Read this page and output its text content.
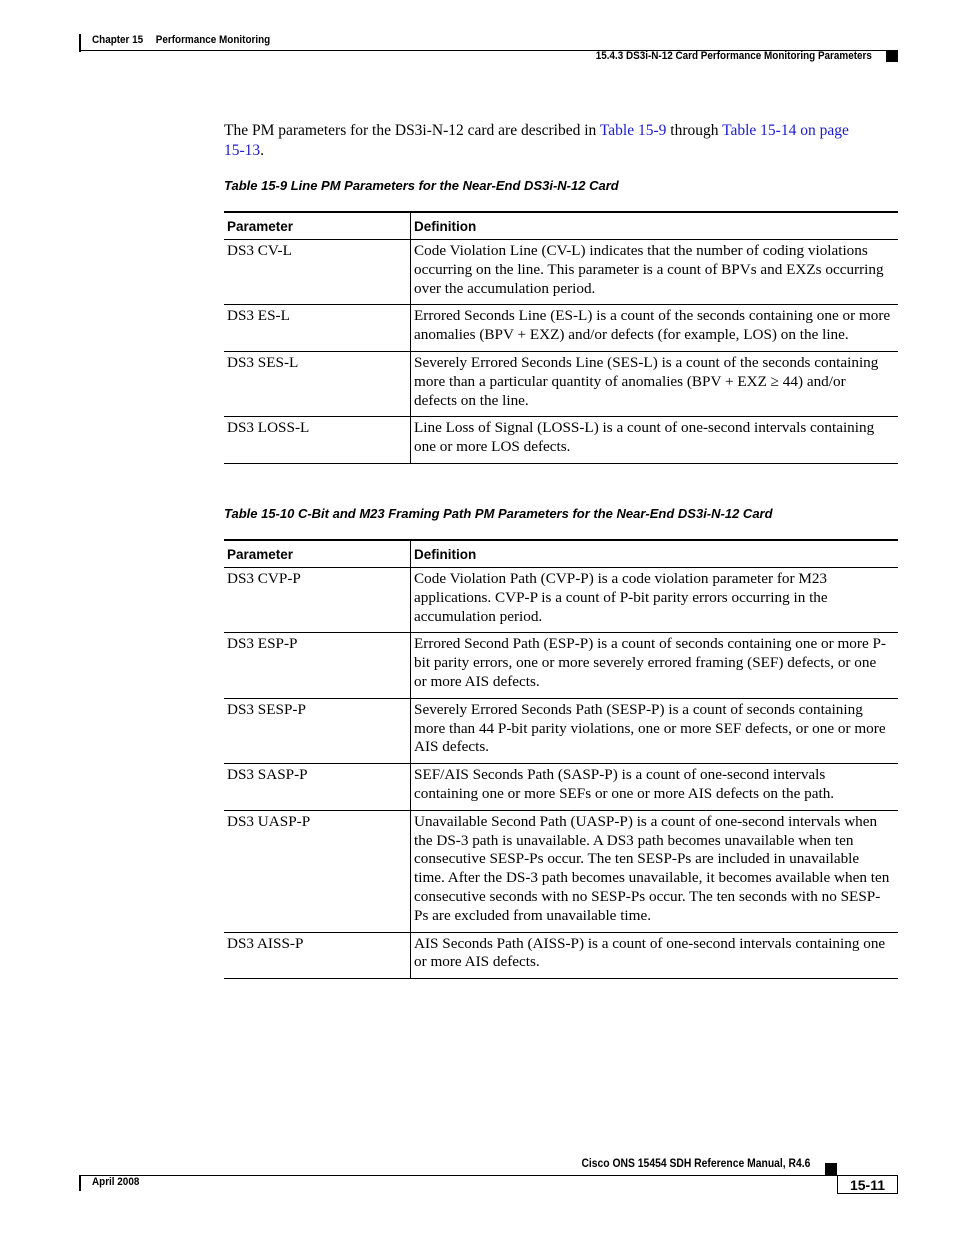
Chapter 15 Performance Monitoring
15.4.3 DS3i-N-12 Card Performance Monitoring Parameters

The PM parameters for the DS3i-N-12 card are described in Table 15-9 through Table 15-14 on page 15-13.

Table 15-9 Line PM Parameters for the Near-End DS3i-N-12 Card
Parameter	Definition
DS3 CV-L	Code Violation Line (CV-L) indicates that the number of coding violations occurring on the line. This parameter is a count of BPVs and EXZs occurring over the accumulation period.
DS3 ES-L	Errored Seconds Line (ES-L) is a count of the seconds containing one or more anomalies (BPV + EXZ) and/or defects (for example, LOS) on the line.
DS3 SES-L	Severely Errored Seconds Line (SES-L) is a count of the seconds containing more than a particular quantity of anomalies (BPV + EXZ ≥ 44) and/or defects on the line.
DS3 LOSS-L	Line Loss of Signal (LOSS-L) is a count of one-second intervals containing one or more LOS defects.
Table 15-10 C-Bit and M23 Framing Path PM Parameters for the Near-End DS3i-N-12 Card
Parameter	Definition
DS3 CVP-P	Code Violation Path (CVP-P) is a code violation parameter for M23 applications. CVP-P is a count of P-bit parity errors occurring in the accumulation period.
DS3 ESP-P	Errored Second Path (ESP-P) is a count of seconds containing one or more P-bit parity errors, one or more severely errored framing (SEF) defects, or one or more AIS defects.
DS3 SESP-P	Severely Errored Seconds Path (SESP-P) is a count of seconds containing more than 44 P-bit parity violations, one or more SEF defects, or one or more AIS defects.
DS3 SASP-P	SEF/AIS Seconds Path (SASP-P) is a count of one-second intervals containing one or more SEFs or one or more AIS defects on the path.
DS3 UASP-P	Unavailable Second Path (UASP-P) is a count of one-second intervals when the DS-3 path is unavailable. A DS3 path becomes unavailable when ten consecutive SESP-Ps occur. The ten SESP-Ps are included in unavailable time. After the DS-3 path becomes unavailable, it becomes available when ten consecutive seconds with no SESP-Ps occur. The ten seconds with no SESP-Ps are excluded from unavailable time.
DS3 AISS-P	AIS Seconds Path (AISS-P) is a count of one-second intervals containing one or more AIS defects.
Cisco ONS 15454 SDH Reference Manual, R4.6
April 2008	15-11
